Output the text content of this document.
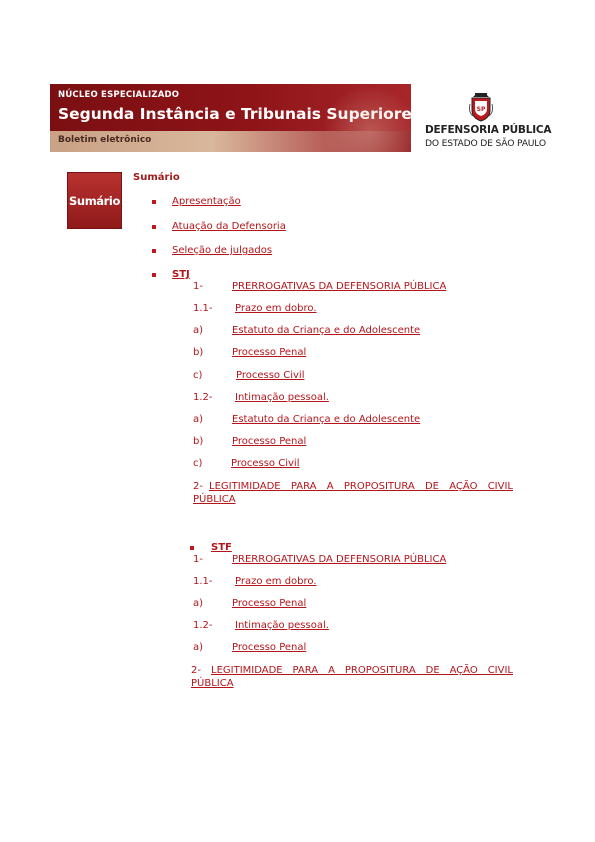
NÚCLEO ESPECIALIZADO
Segunda Instância e Tribunais Superiores
Boletim eletrônico
SP
DEFENSORIA PÚBLICA
DO ESTADO DE SÃO PAULO
Sumário
Sumário
Apresentação
Atuação da Defensoria
Seleção de julgados
STJ
1-	PRERROGATIVAS DA DEFENSORIA PÚBLICA
1.1- Prazo em dobro.
a)	Estatuto da Criança e do Adolescente
b)	Processo Penal
c)	Processo Civil
1.2- Intimação pessoal.
a)	Estatuto da Criança e do Adolescente
b)	Processo Penal
c)	Processo Civil
2- LEGITIMIDADE PARA A PROPOSITURA DE AÇÃO CIVIL
PÚBLICA
STF
1-	PRERROGATIVAS DA DEFENSORIA PÚBLICA
1.1- Prazo em dobro.
a)	Processo Penal
1.2- Intimação pessoal.
a)	Processo Penal
2- LEGITIMIDADE PARA A PROPOSITURA DE AÇÃO CIVIL
PÚBLICA
